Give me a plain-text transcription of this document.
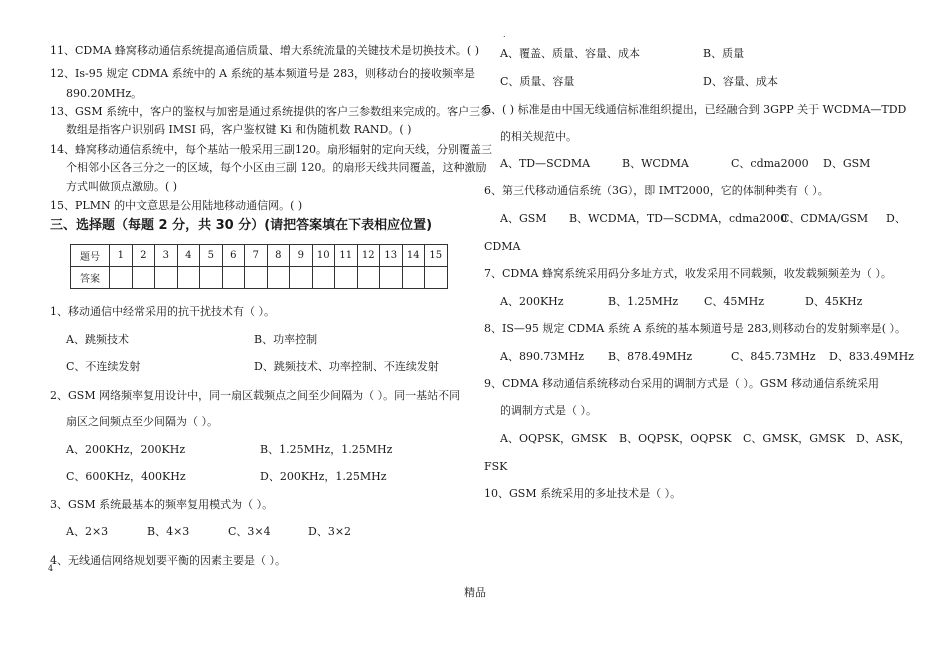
.
11、CDMA 蜂窝移动通信系统提高通信质量、增大系统流量的关键技术是切换技术。( )
12、Is-95 规定 CDMA 系统中的 A 系统的基本频道号是 283，则移动台的接收频率是
890.20MHz。
13、GSM 系统中，客户的鉴权与加密是通过系统提供的客户三参数组来完成的。客户三参
数组是指客户识别码 IMSI 码，客户鉴权键 Ki 和伪随机数 RAND。( )
14、蜂窝移动通信系统中，每个基站一般采用三副120。扇形辐射的定向天线，分别覆盖三
个相邻小区各三分之一的区域，每个小区由三副 120。的扇形天线共同覆盖，这种激励
方式叫做顶点激励。( )
15、PLMN 的中文意思是公用陆地移动通信网。( )
三、选择题（每题 2 分，共 30 分）(请把答案填在下表相应位置)
题号	1	2	3	4	5	6	7	8	9	10	11	12	13	14	15
答案															
1、移动通信中经常采用的抗干扰技术有（ ）。
A、跳频技术	B、功率控制
C、不连续发射	D、跳频技术、功率控制、不连续发射
2、GSM 网络频率复用设计中，同一扇区载频点之间至少间隔为（ ）。同一基站不同
扇区之间频点至少间隔为（ ）。
A、200KHz，200KHz	B、1.25MHz，1.25MHz
C、600KHz，400KHz	D、200KHz，1.25MHz
3、GSM 系统最基本的频率复用模式为（ ）。
A、2×3	B、4×3	C、3×4	D、3×2
4、无线通信网络规划要平衡的因素主要是（ ）。
4
A、覆盖、质量、容量、成本	B、质量
C、质量、容量	D、容量、成本
5、( ) 标准是由中国无线通信标准组织提出，已经融合到 3GPP 关于 WCDMA—TDD
的相关规范中。
A、TD—SCDMA	B、WCDMA	C、cdma2000 D、GSM
6、第三代移动通信系统（3G），即 IMT2000，它的体制种类有（ ）。
A、GSM B、WCDMA，TD—SCDMA，cdma2000
C、CDMA/GSM D、
CDMA
7、CDMA 蜂窝系统采用码分多址方式，收发采用不同载频，收发载频频差为（ ）。
A、200KHz	B、1.25MHz C、45MHz	D、45KHz
8、IS—95 规定 CDMA 系统 A 系统的基本频道号是 283,则移动台的发射频率是( ）。
A、890.73MHz B、878.49MHz	C、845.73MHz D、833.49MHz
9、CDMA 移动通信系统移动台采用的调制方式是（ ）。GSM 移动通信系统采用
的调制方式是（ ）。
A、OQPSK，GMSK B、OQPSK，OQPSK C、GMSK，GMSK D、ASK，
FSK
10、GSM 系统采用的多址技术是（ ）。
精品
